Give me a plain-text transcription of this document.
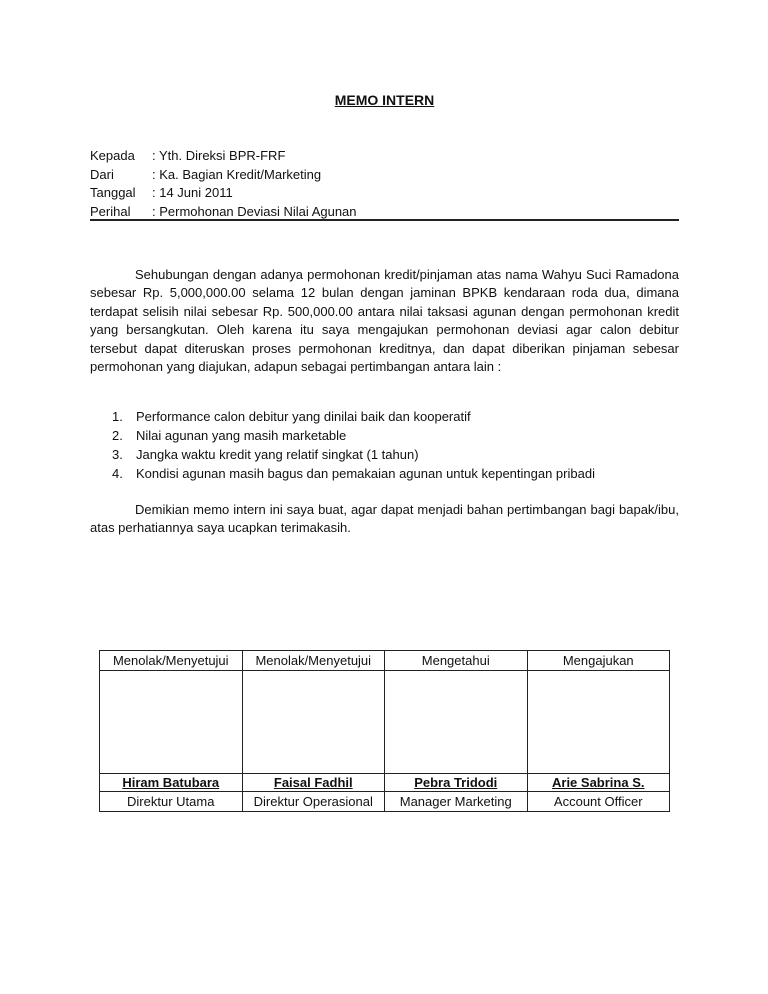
MEMO INTERN
Kepada	: Yth. Direksi BPR-FRF
Dari	: Ka. Bagian Kredit/Marketing
Tanggal	: 14 Juni 2011
Perihal	: Permohonan Deviasi Nilai Agunan
Sehubungan dengan adanya permohonan kredit/pinjaman atas nama Wahyu Suci Ramadona sebesar Rp. 5,000,000.00 selama 12 bulan dengan jaminan BPKB kendaraan roda dua, dimana terdapat selisih nilai sebesar Rp. 500,000.00 antara nilai taksasi agunan dengan permohonan kredit yang bersangkutan. Oleh karena itu saya mengajukan permohonan deviasi agar calon debitur tersebut dapat diteruskan proses permohonan kreditnya, dan dapat diberikan pinjaman sebesar permohonan yang diajukan, adapun sebagai pertimbangan antara lain :
1.	Performance calon debitur yang dinilai baik dan kooperatif
2.	Nilai agunan yang masih marketable
3.	Jangka waktu kredit yang relatif singkat (1 tahun)
4.	Kondisi agunan masih bagus dan pemakaian agunan untuk kepentingan pribadi
Demikian memo intern ini saya buat, agar dapat menjadi bahan pertimbangan bagi bapak/ibu, atas perhatiannya saya ucapkan terimakasih.
Menolak/Menyetujui	Menolak/Menyetujui	Mengetahui	Mengajukan

Hiram Batubara	Faisal Fadhil	Pebra Tridodi	Arie Sabrina S.
Direktur Utama	Direktur Operasional	Manager Marketing	Account Officer
